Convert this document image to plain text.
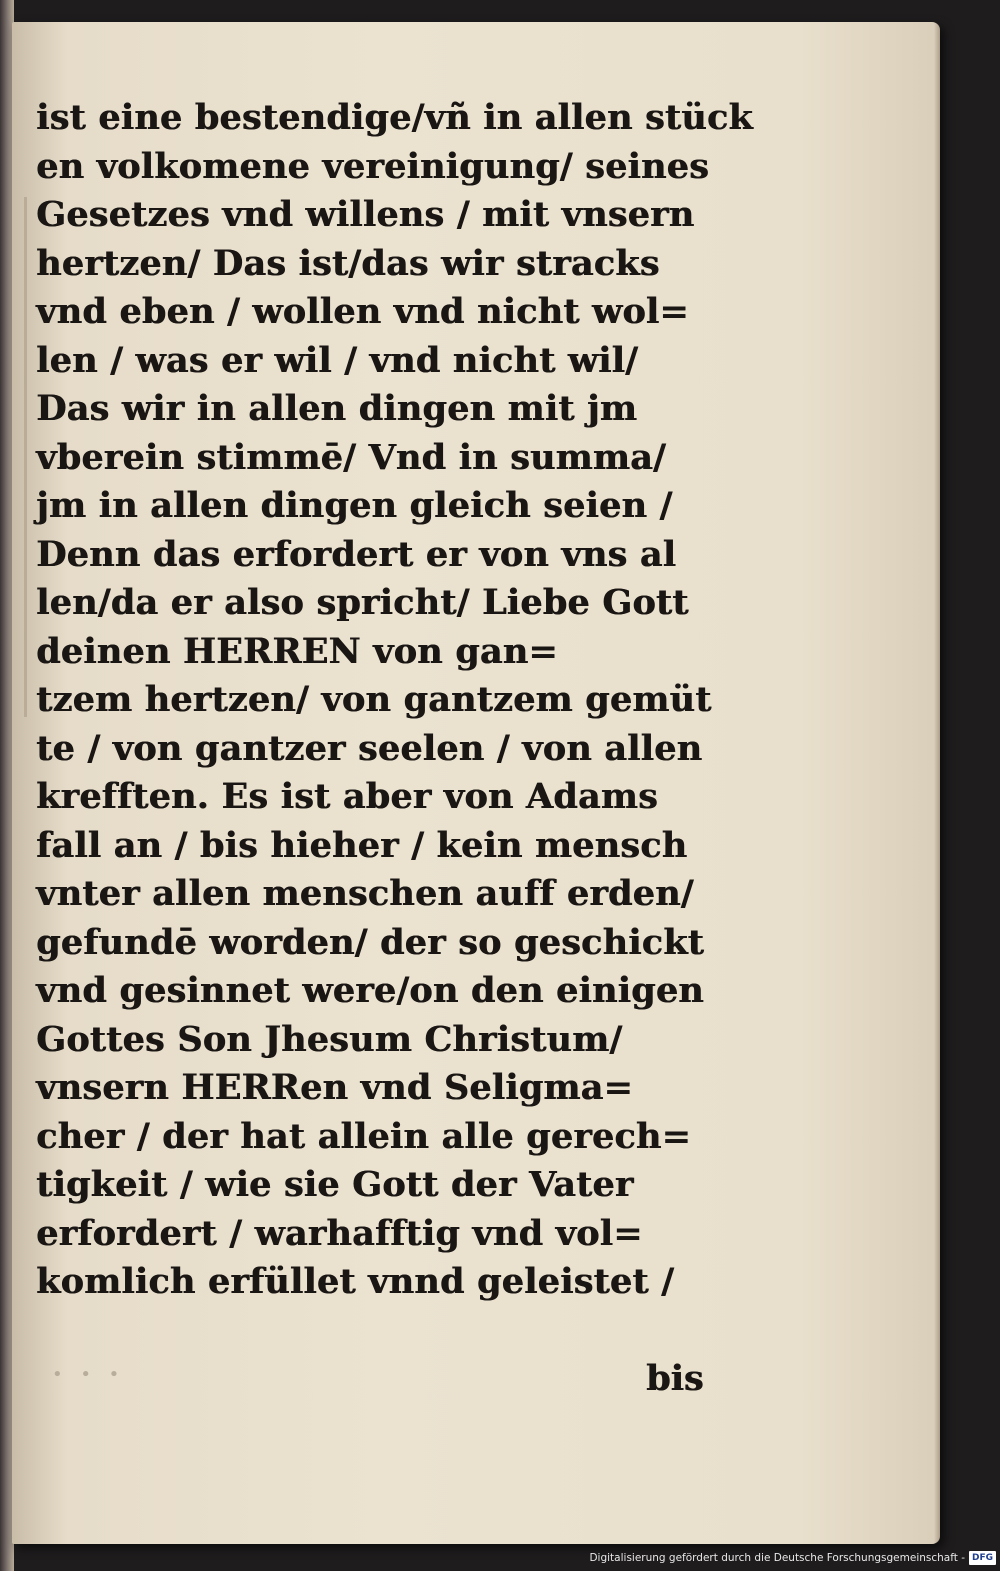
ist eine bestendige/vñ in allen stück
en volkomene vereinigung/ seines
Gesetzes vnd willens / mit vnsern
hertzen/ Das ist/das wir stracks
vnd eben / wollen vnd nicht wol=
len / was er wil / vnd nicht wil/
Das wir in allen dingen mit jm
vberein stimmē/ Vnd in summa/
jm in allen dingen gleich seien /
Denn das erfordert er von vns al
len/da er also spricht/ Liebe Gott
deinen HERREN von gan=
tzem hertzen/ von gantzem gemüt
te / von gantzer seelen / von allen
krefften. Es ist aber von Adams
fall an / bis hieher / kein mensch
vnter allen menschen auff erden/
gefundē worden/ der so geschickt
vnd gesinnet were/on den einigen
Gottes Son Jhesum Christum/
vnsern HERRen vnd Seligma=
cher / der hat allein alle gerech=
tigkeit / wie sie Gott der Vater
erfordert / warhafftig vnd vol=
komlich erfüllet vnnd geleistet /
• • •	bis
Digitalisierung gefördert durch die Deutsche Forschungsgemeinschaft - DFG
